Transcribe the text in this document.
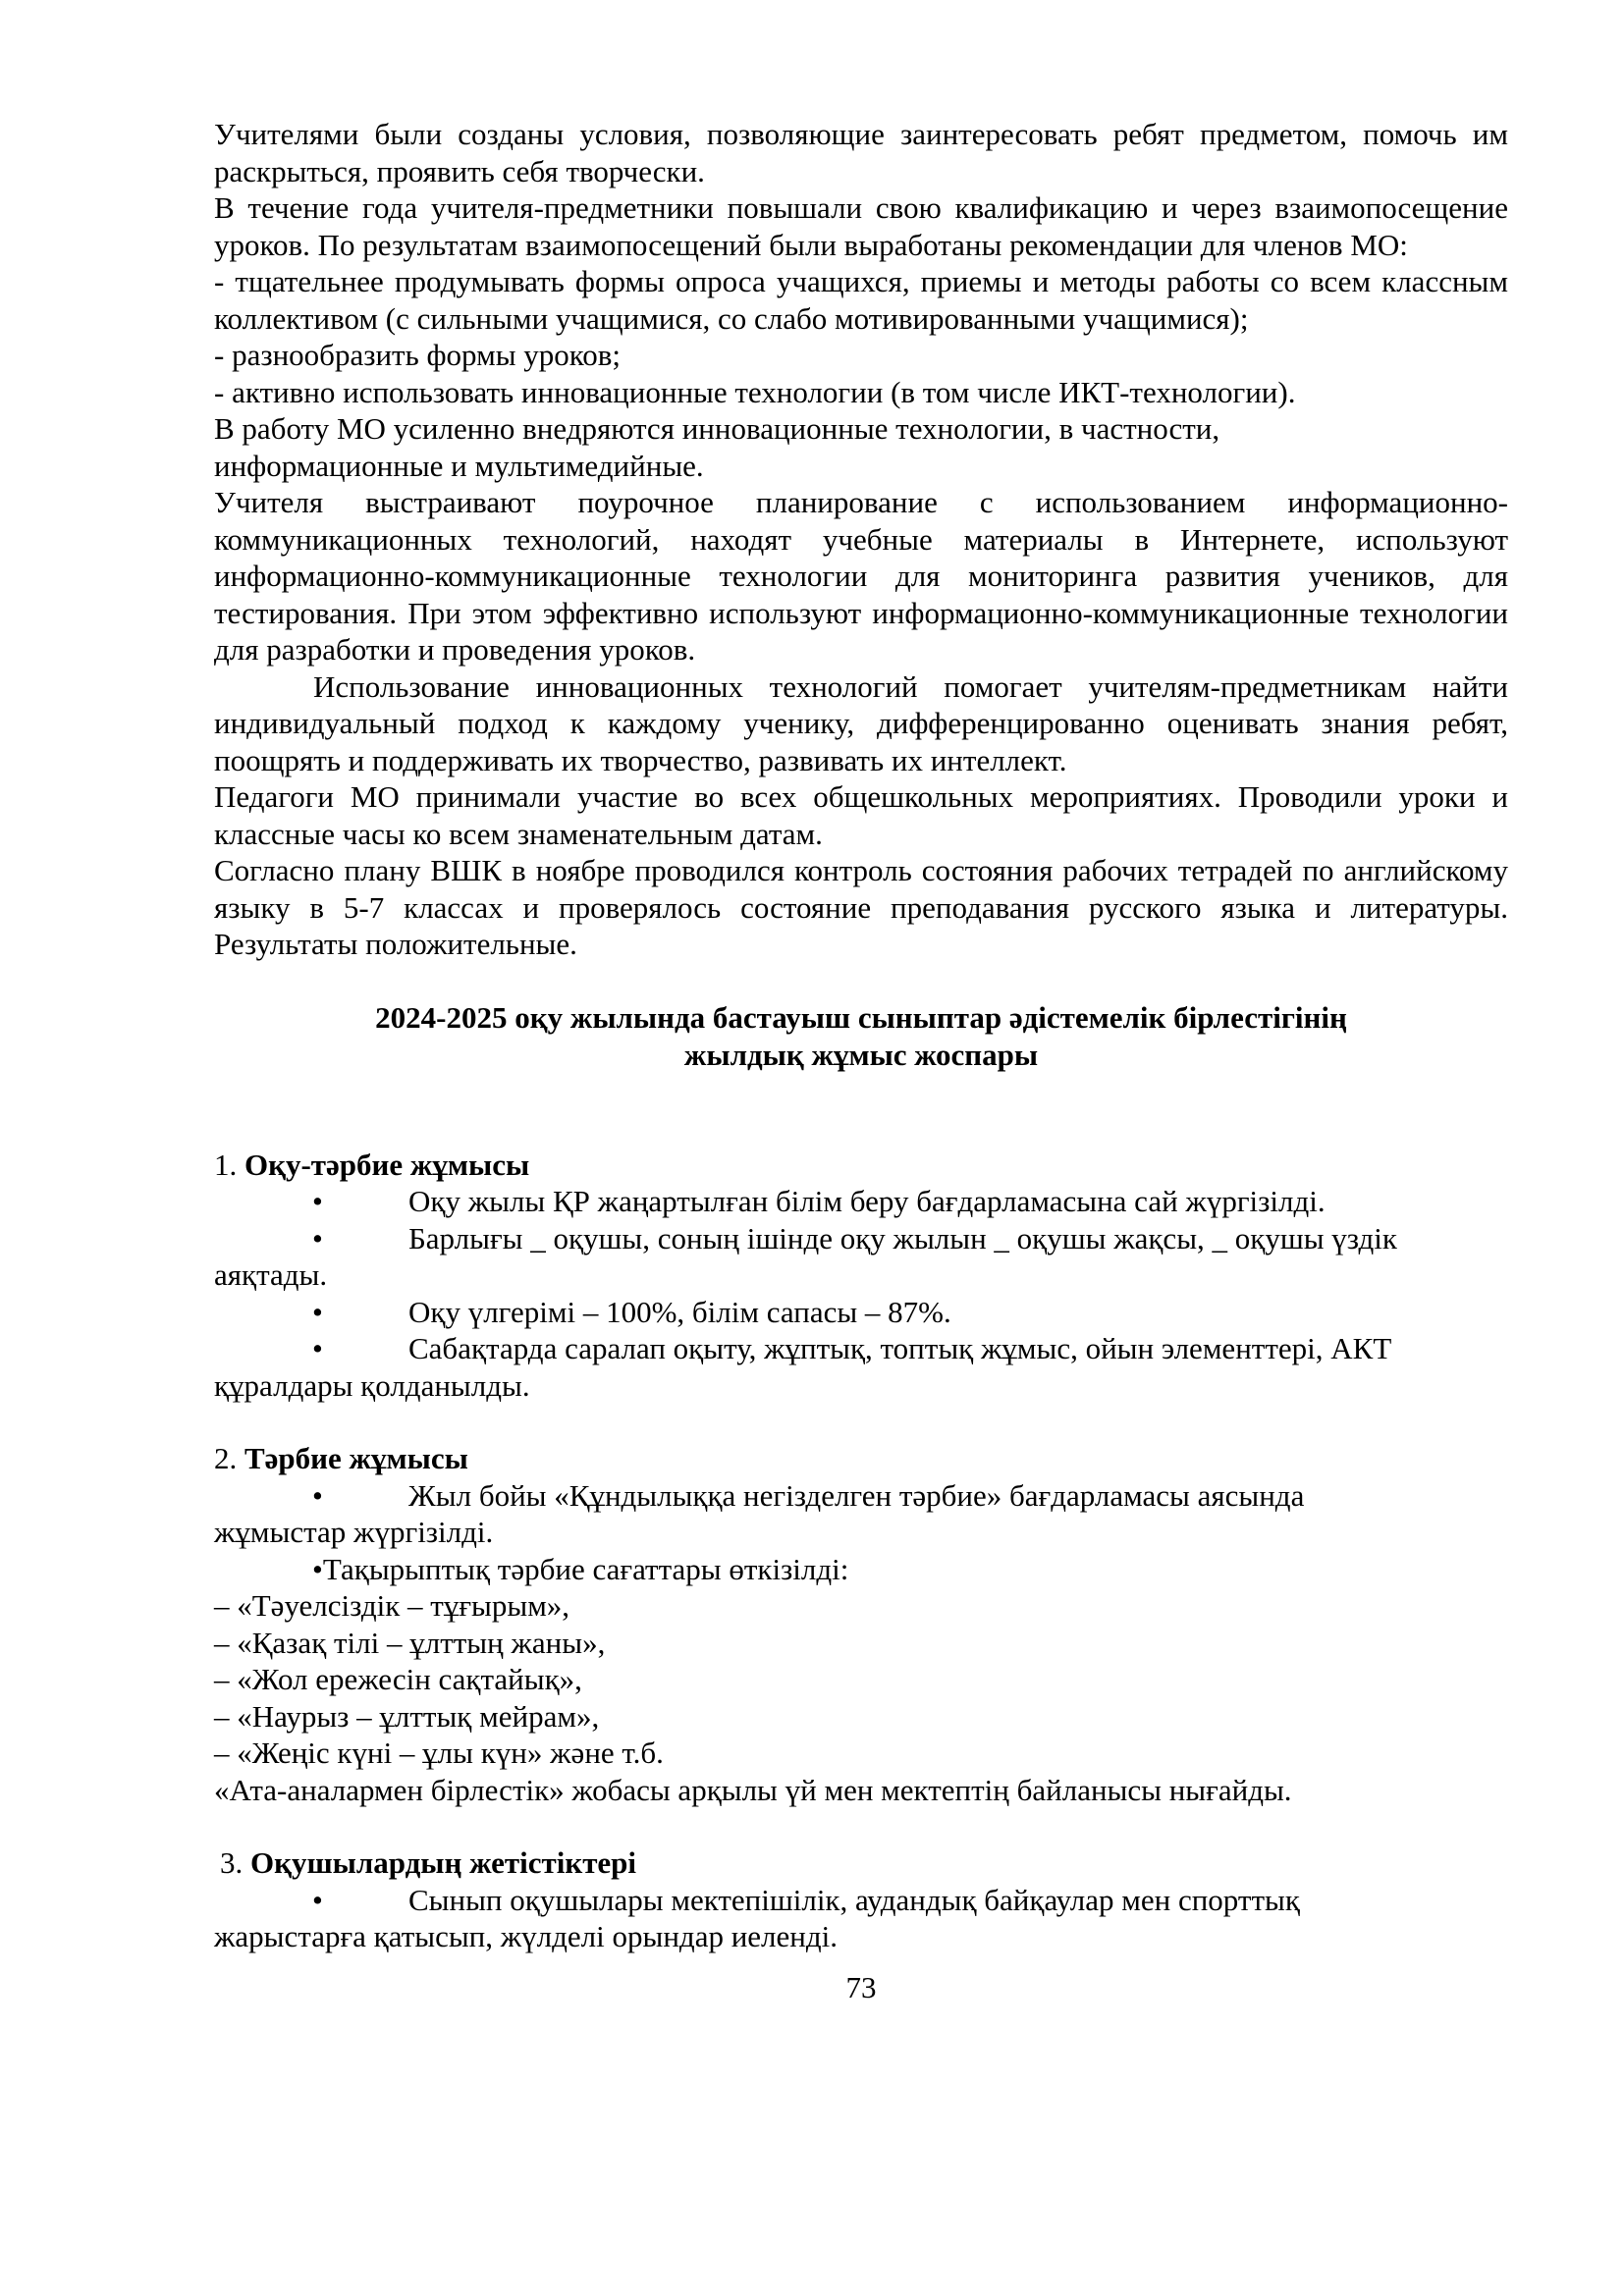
Учителями были созданы условия, позволяющие заинтересовать ребят предметом, помочь им раскрыться, проявить себя творчески.

В течение года учителя-предметники повышали свою квалификацию и через взаимопосещение уроков. По результатам взаимопосещений были выработаны рекомендации для членов МО:

- тщательнее продумывать формы опроса учащихся, приемы и методы работы со всем классным коллективом (с сильными учащимися, со слабо мотивированными учащимися);

- разнообразить формы уроков;

- активно использовать инновационные технологии (в том числе ИКТ-технологии).

В работу МО усиленно внедряются инновационные технологии, в частности,
информационные и мультимедийные.

Учителя выстраивают поурочное планирование с использованием информационно-коммуникационных технологий, находят учебные материалы в Интернете, используют информационно-коммуникационные технологии для мониторинга развития учеников, для тестирования. При этом эффективно используют информационно-коммуникационные технологии для разработки и проведения уроков.

Использование инновационных технологий помогает учителям-предметникам найти индивидуальный подход к каждому ученику, дифференцированно оценивать знания ребят, поощрять и поддерживать их творчество, развивать их интеллект.

Педагоги МО принимали участие во всех общешкольных мероприятиях. Проводили уроки и классные часы ко всем знаменательным датам.

Согласно плану ВШК в ноябре проводился контроль состояния рабочих тетрадей по английскому языку в 5-7 классах и проверялось состояние преподавания русского языка и литературы. Результаты положительные.

2024-2025 оқу жылында бастауыш сыныптар әдістемелік бірлестігінің
жылдық жұмыс жоспары

1. Оқу-тәрбие жұмысы

•	Оқу жылы ҚР жаңартылған білім беру бағдарламасына сай жүргізілді.
•	Барлығы _ оқушы, соның ішінде оқу жылын _ оқушы жақсы, _ оқушы үздік
аяқтады.
•	Оқу үлгерімі – 100%, білім сапасы – 87%.
•	Сабақтарда саралап оқыту, жұптық, топтық жұмыс, ойын элементтері, АКТ
құралдары қолданылды.

2. Тәрбие жұмысы

•	Жыл бойы «Құндылыққа негізделген тәрбие» бағдарламасы аясында
жұмыстар жүргізілді.

•Тақырыптық тәрбие сағаттары өткізілді:

– «Тәуелсіздік – тұғырым»,

– «Қазақ тілі – ұлттың жаны»,

– «Жол ережесін сақтайық»,

– «Наурыз – ұлттық мейрам»,

– «Жеңіс күні – ұлы күн» және т.б.

«Ата-аналармен бірлестік» жобасы арқылы үй мен мектептің байланысы нығайды.

3. Оқушылардың жетістіктері

•	Сынып оқушылары мектепішілік, аудандық байқаулар мен спорттық
жарыстарға қатысып, жүлделі орындар иеленді.
73
